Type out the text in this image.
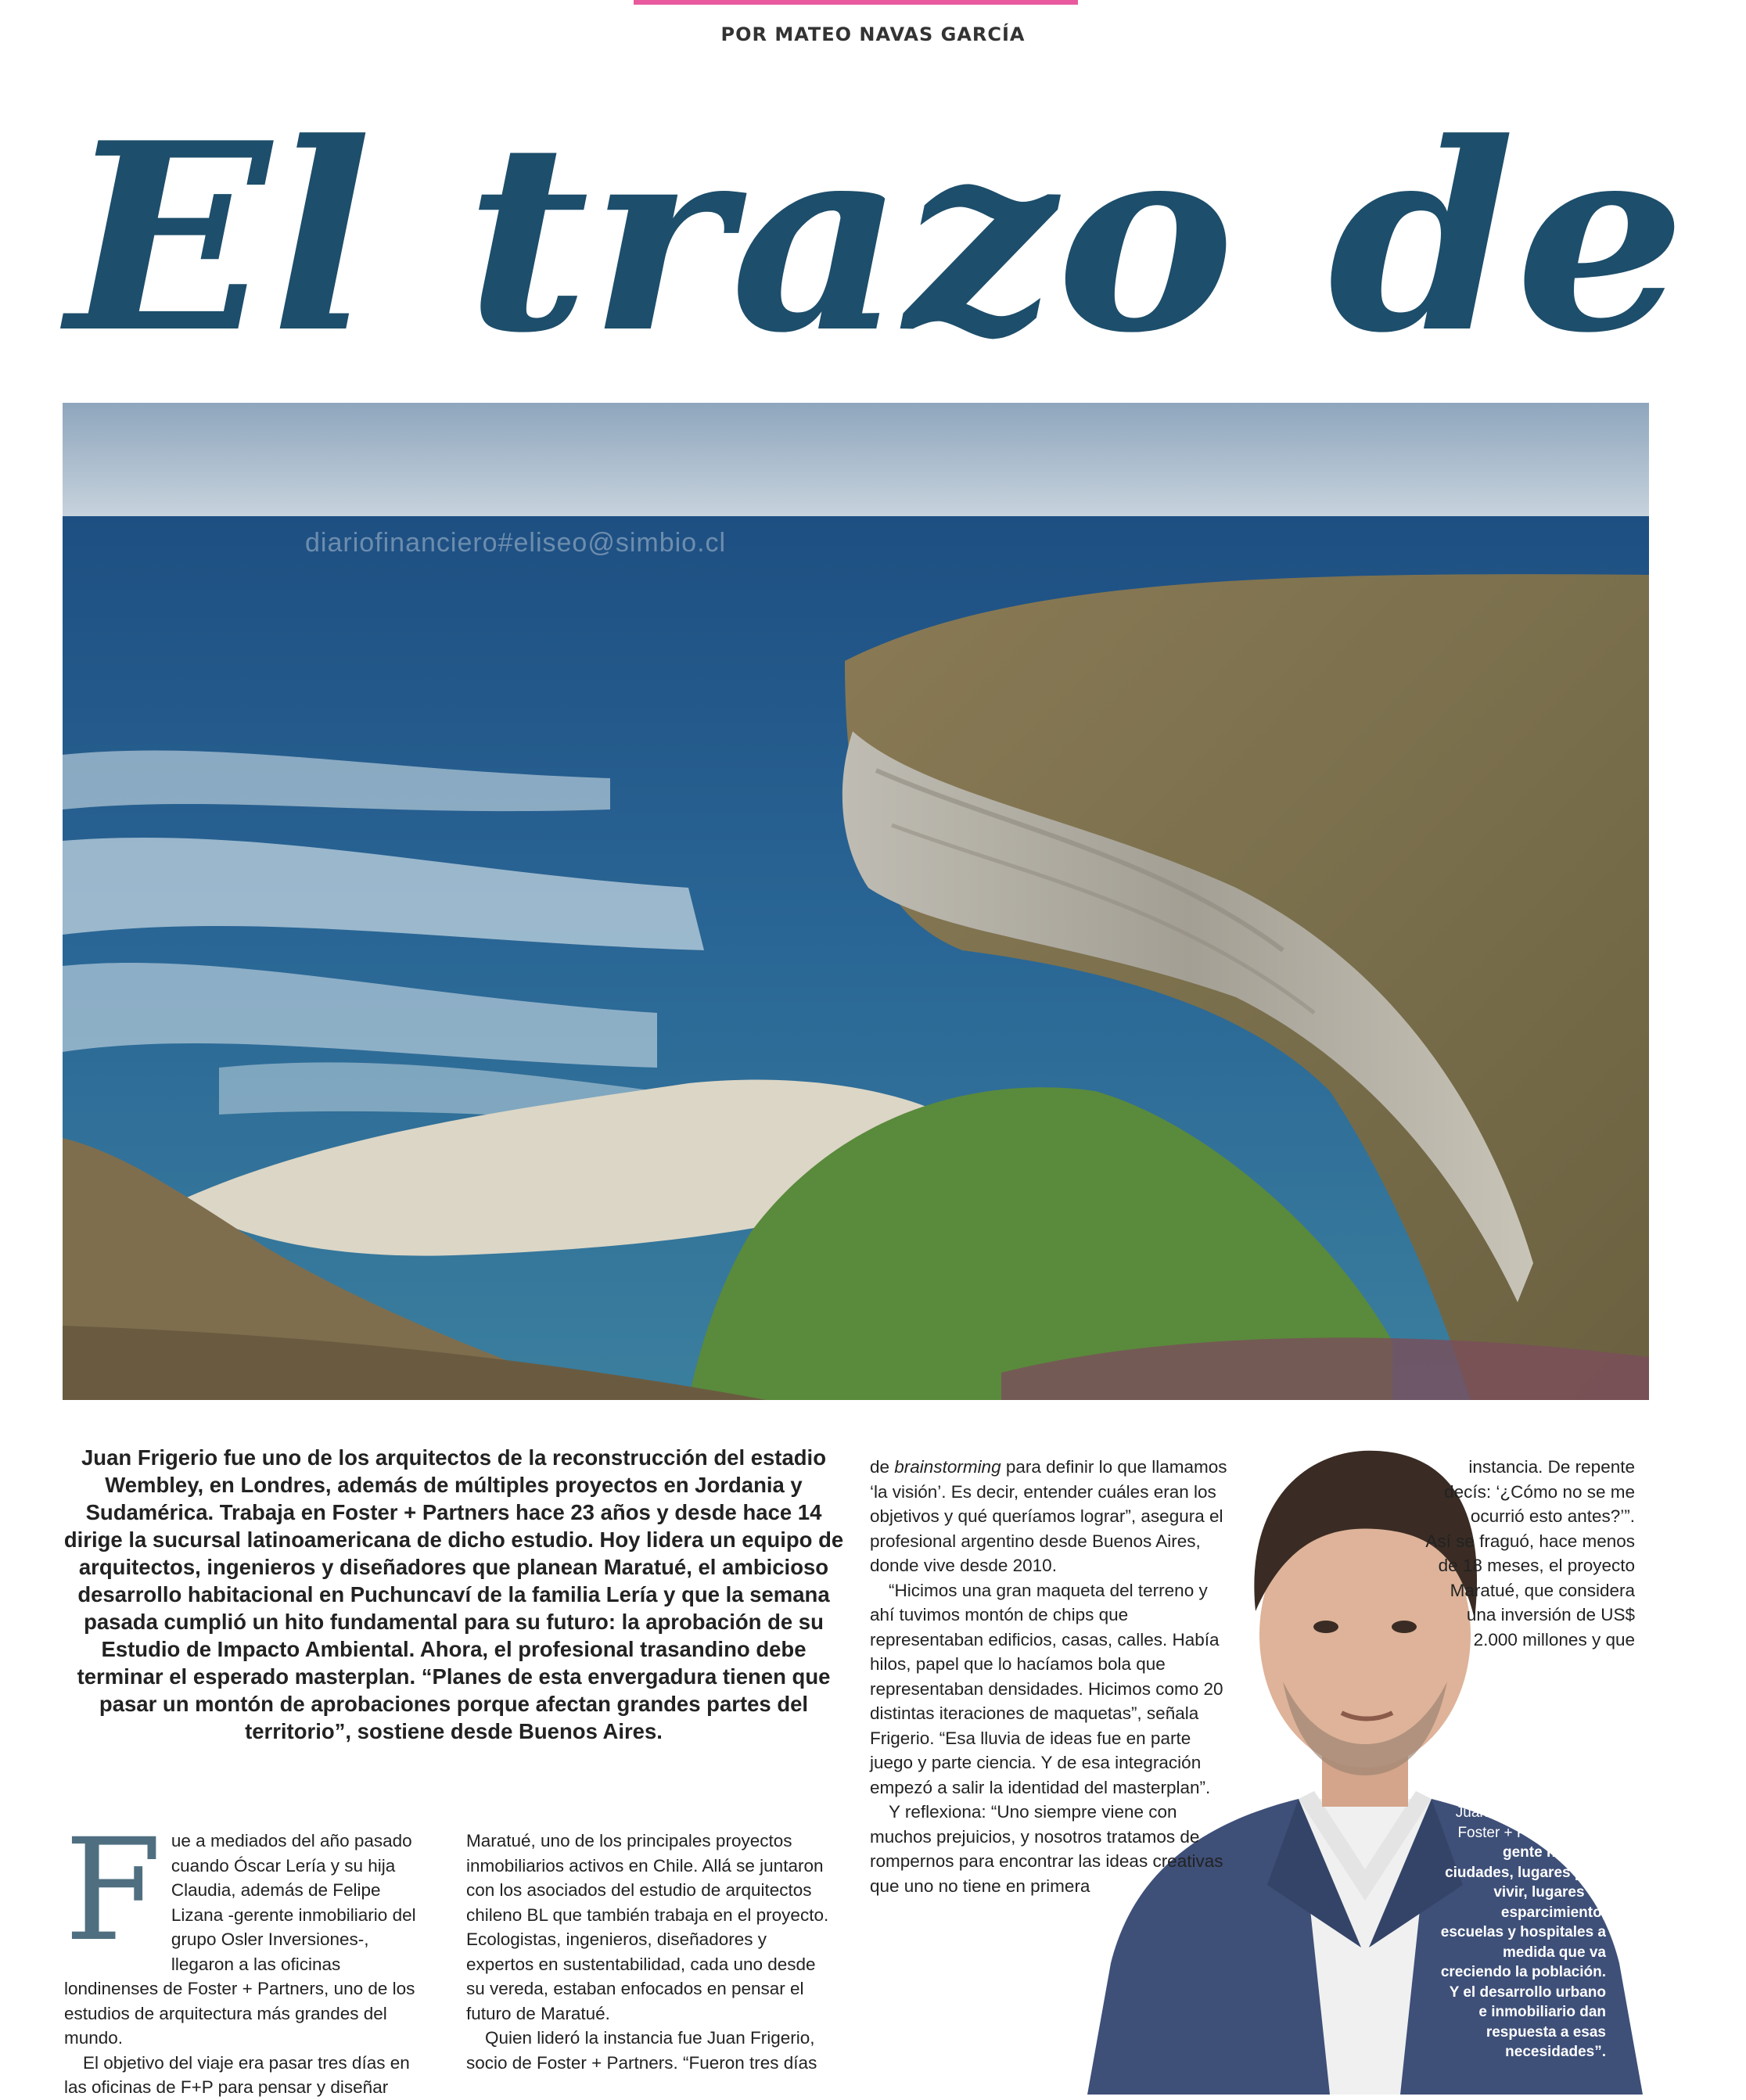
POR MATEO NAVAS GARCÍA
El trazo de
diariofinanciero#eliseo@simbio.cl
Juan Frigerio fue uno de los arquitectos de la reconstrucción del estadio Wembley, en Londres, además de múltiples proyectos en Jordania y Sudamérica. Trabaja en Foster + Partners hace 23 años y desde hace 14 dirige la sucursal latinoamericana de dicho estudio. Hoy lidera un equipo de arquitectos, ingenieros y diseñadores que planean Maratué, el ambicioso desarrollo habitacional en Puchuncaví de la familia Lería y que la semana pasada cumplió un hito fundamental para su futuro: la aprobación de su Estudio de Impacto Ambiental. Ahora, el profesional trasandino debe terminar el esperado masterplan. “Planes de esta envergadura tienen que pasar un montón de aprobaciones porque afectan grandes partes del territorio”, sostiene desde Buenos Aires.

Fue a mediados del año pasado cuando Óscar Lería y su hija Claudia, además de Felipe Lizana -gerente inmobiliario del grupo Osler Inversiones-, llegaron a las oficinas londinenses de Foster + Partners, uno de los estudios de arquitectura más grandes del mundo.

El objetivo del viaje era pasar tres días en las oficinas de F+P para pensar y diseñar

Maratué, uno de los principales proyectos inmobiliarios activos en Chile. Allá se juntaron con los asociados del estudio de arquitectos chileno BL que también trabaja en el proyecto. Ecologistas, ingenieros, diseñadores y expertos en sustentabilidad, cada uno desde su vereda, estaban enfocados en pensar el futuro de Maratué.

Quien lideró la instancia fue Juan Frigerio, socio de Foster + Partners. “Fueron tres días

Juan Frigerio, socio de Foster + Partners: “La gente necesita ciudades, lugares para vivir, lugares de esparcimiento, escuelas y hospitales a medida que va creciendo la población. Y el desarrollo urbano e inmobiliario dan respuesta a esas necesidades”.

de brainstorming para definir lo que llamamos ‘la visión’. Es decir, entender cuáles eran los objetivos y qué queríamos lograr”, asegura el profesional argentino desde Buenos Aires, donde vive desde 2010.

“Hicimos una gran maqueta del terreno y ahí tuvimos montón de chips que representaban edificios, casas, calles. Había hilos, papel que lo hacíamos bola que representaban densidades. Hicimos como 20 distintas iteraciones de maquetas”, señala Frigerio. “Esa lluvia de ideas fue en parte juego y parte ciencia. Y de esa integración empezó a salir la identidad del masterplan”.

Y reflexiona: “Uno siempre viene con muchos prejuicios, y nosotros tratamos de rompernos para encontrar las ideas creativas que uno no tiene en primera

instancia. De repente decís: ‘¿Cómo no se me ocurrió esto antes?’”.

Así se fraguó, hace menos de 18 meses, el proyecto Maratué, que considera una inversión de US$ 2.000 millones y que
